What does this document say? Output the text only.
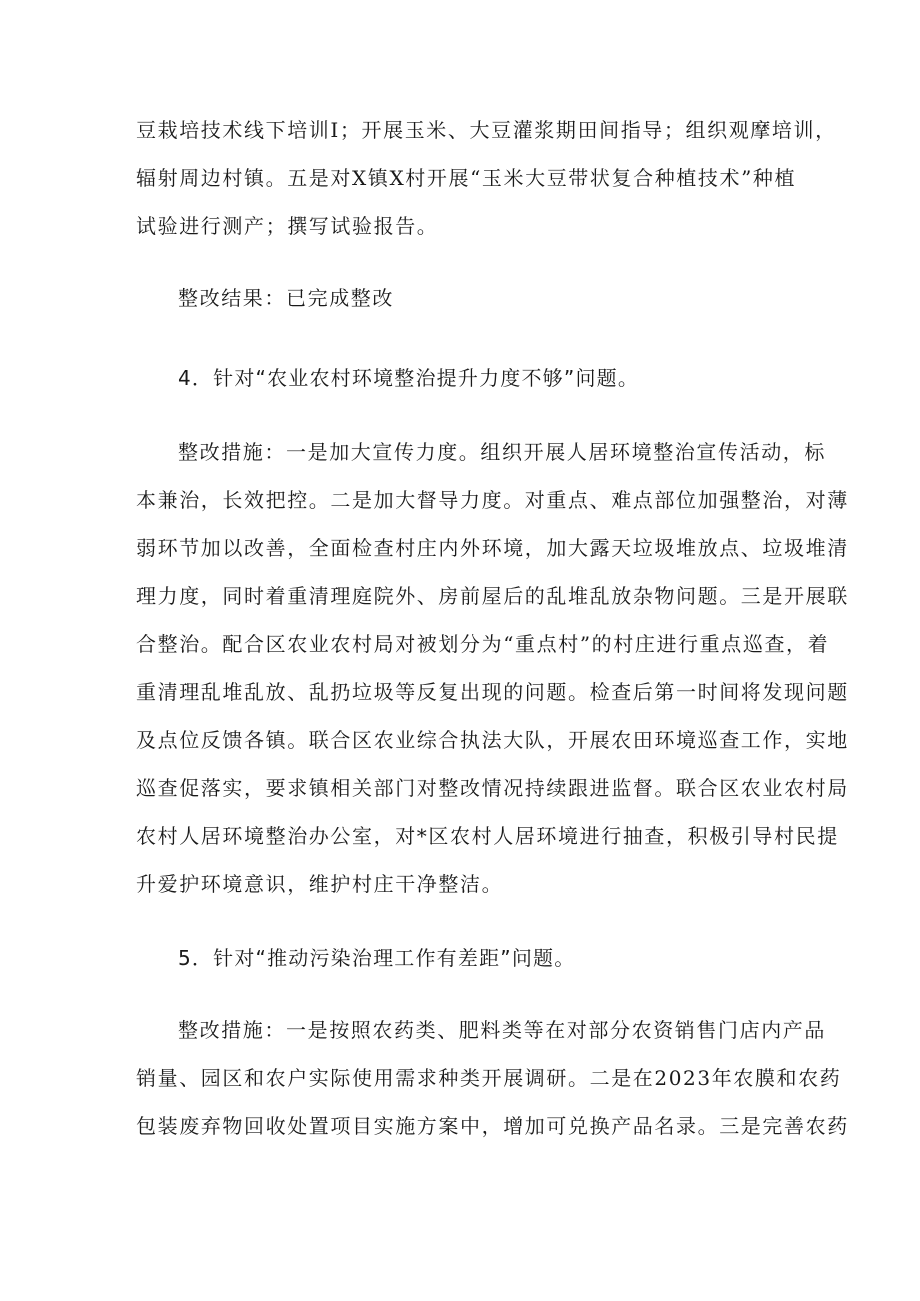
豆栽培技术线下培训I；开展玉米、大豆灌浆期田间指导；组织观摩培训，
辐射周边村镇。五是对X镇X村开展“玉米大豆带状复合种植技术”种植
试验进行测产；撰写试验报告。
整改结果：已完成整改
4．针对“农业农村环境整治提升力度不够”问题。
整改措施：一是加大宣传力度。组织开展人居环境整治宣传活动，标
本兼治，长效把控。二是加大督导力度。对重点、难点部位加强整治，对薄
弱环节加以改善，全面检查村庄内外环境，加大露天垃圾堆放点、垃圾堆清
理力度，同时着重清理庭院外、房前屋后的乱堆乱放杂物问题。三是开展联
合整治。配合区农业农村局对被划分为“重点村”的村庄进行重点巡查，着
重清理乱堆乱放、乱扔垃圾等反复出现的问题。检查后第一时间将发现问题
及点位反馈各镇。联合区农业综合执法大队，开展农田环境巡查工作，实地
巡查促落实，要求镇相关部门对整改情况持续跟进监督。联合区农业农村局
农村人居环境整治办公室，对*区农村人居环境进行抽查，积极引导村民提
升爱护环境意识，维护村庄干净整洁。
5．针对“推动污染治理工作有差距”问题。
整改措施：一是按照农药类、肥料类等在对部分农资销售门店内产品
销量、园区和农户实际使用需求种类开展调研。二是在2023年农膜和农药
包装废弃物回收处置项目实施方案中，增加可兑换产品名录。三是完善农药
